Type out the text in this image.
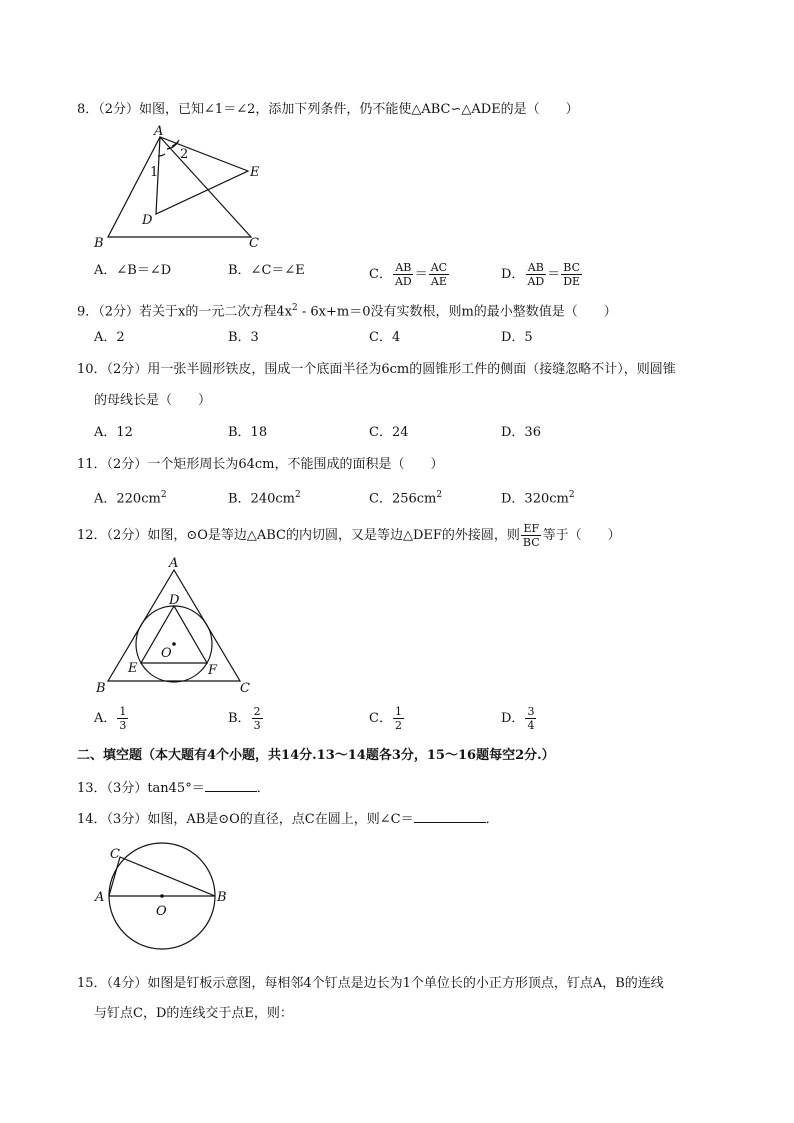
8．（2分）如图，已知∠1＝∠2，添加下列条件，仍不能使△ABC∽△ADE的是（　　）
A
B	C
D
E
1
2
A．∠B＝∠D	B．∠C＝∠E	C． $\frac{AB}{AD} = \frac{AC}{AE}$	D． $\frac{AB}{AD} = \frac{BC}{DE}$
9．（2分）若关于x的一元二次方程$4x^2 - 6x+m=0$没有实数根，则m的最小整数值是（　　）
A．2	B．3	C．4	D．5
10．（2分）用一张半圆形铁皮，围成一个底面半径为6cm的圆锥形工件的侧面（接缝忽略不计），则圆锥
的母线长是（　　）
A．12	B．18	C．24	D．36
11．（2分）一个矩形周长为64cm，不能围成的面积是（　　）
A．$220cm^2$	B．$240cm^2$	C．$256cm^2$	D．$320cm^2$
12．（2分）如图，⊙O是等边△ABC的内切圆，又是等边△DEF的外接圆，则 $\frac{EF}{BC}$ 等于（　　）
A
B	C
D
E	F
O
A． $\frac{1}{3}$	B． $\frac{2}{3}$	C． $\frac{1}{2}$	D． $\frac{3}{4}$
二、填空题（本大题有4个小题，共14分.13～14题各3分，15～16题每空2分.）
13．（3分）tan45°＝	．
14．（3分）如图，AB是⊙O的直径，点C在圆上，则∠C＝	．
A	B
C
O
15．（4分）如图是钉板示意图，每相邻4个钉点是边长为1个单位长的小正方形顶点，钉点A，B的连线
与钉点C，D的连线交于点E，则：
